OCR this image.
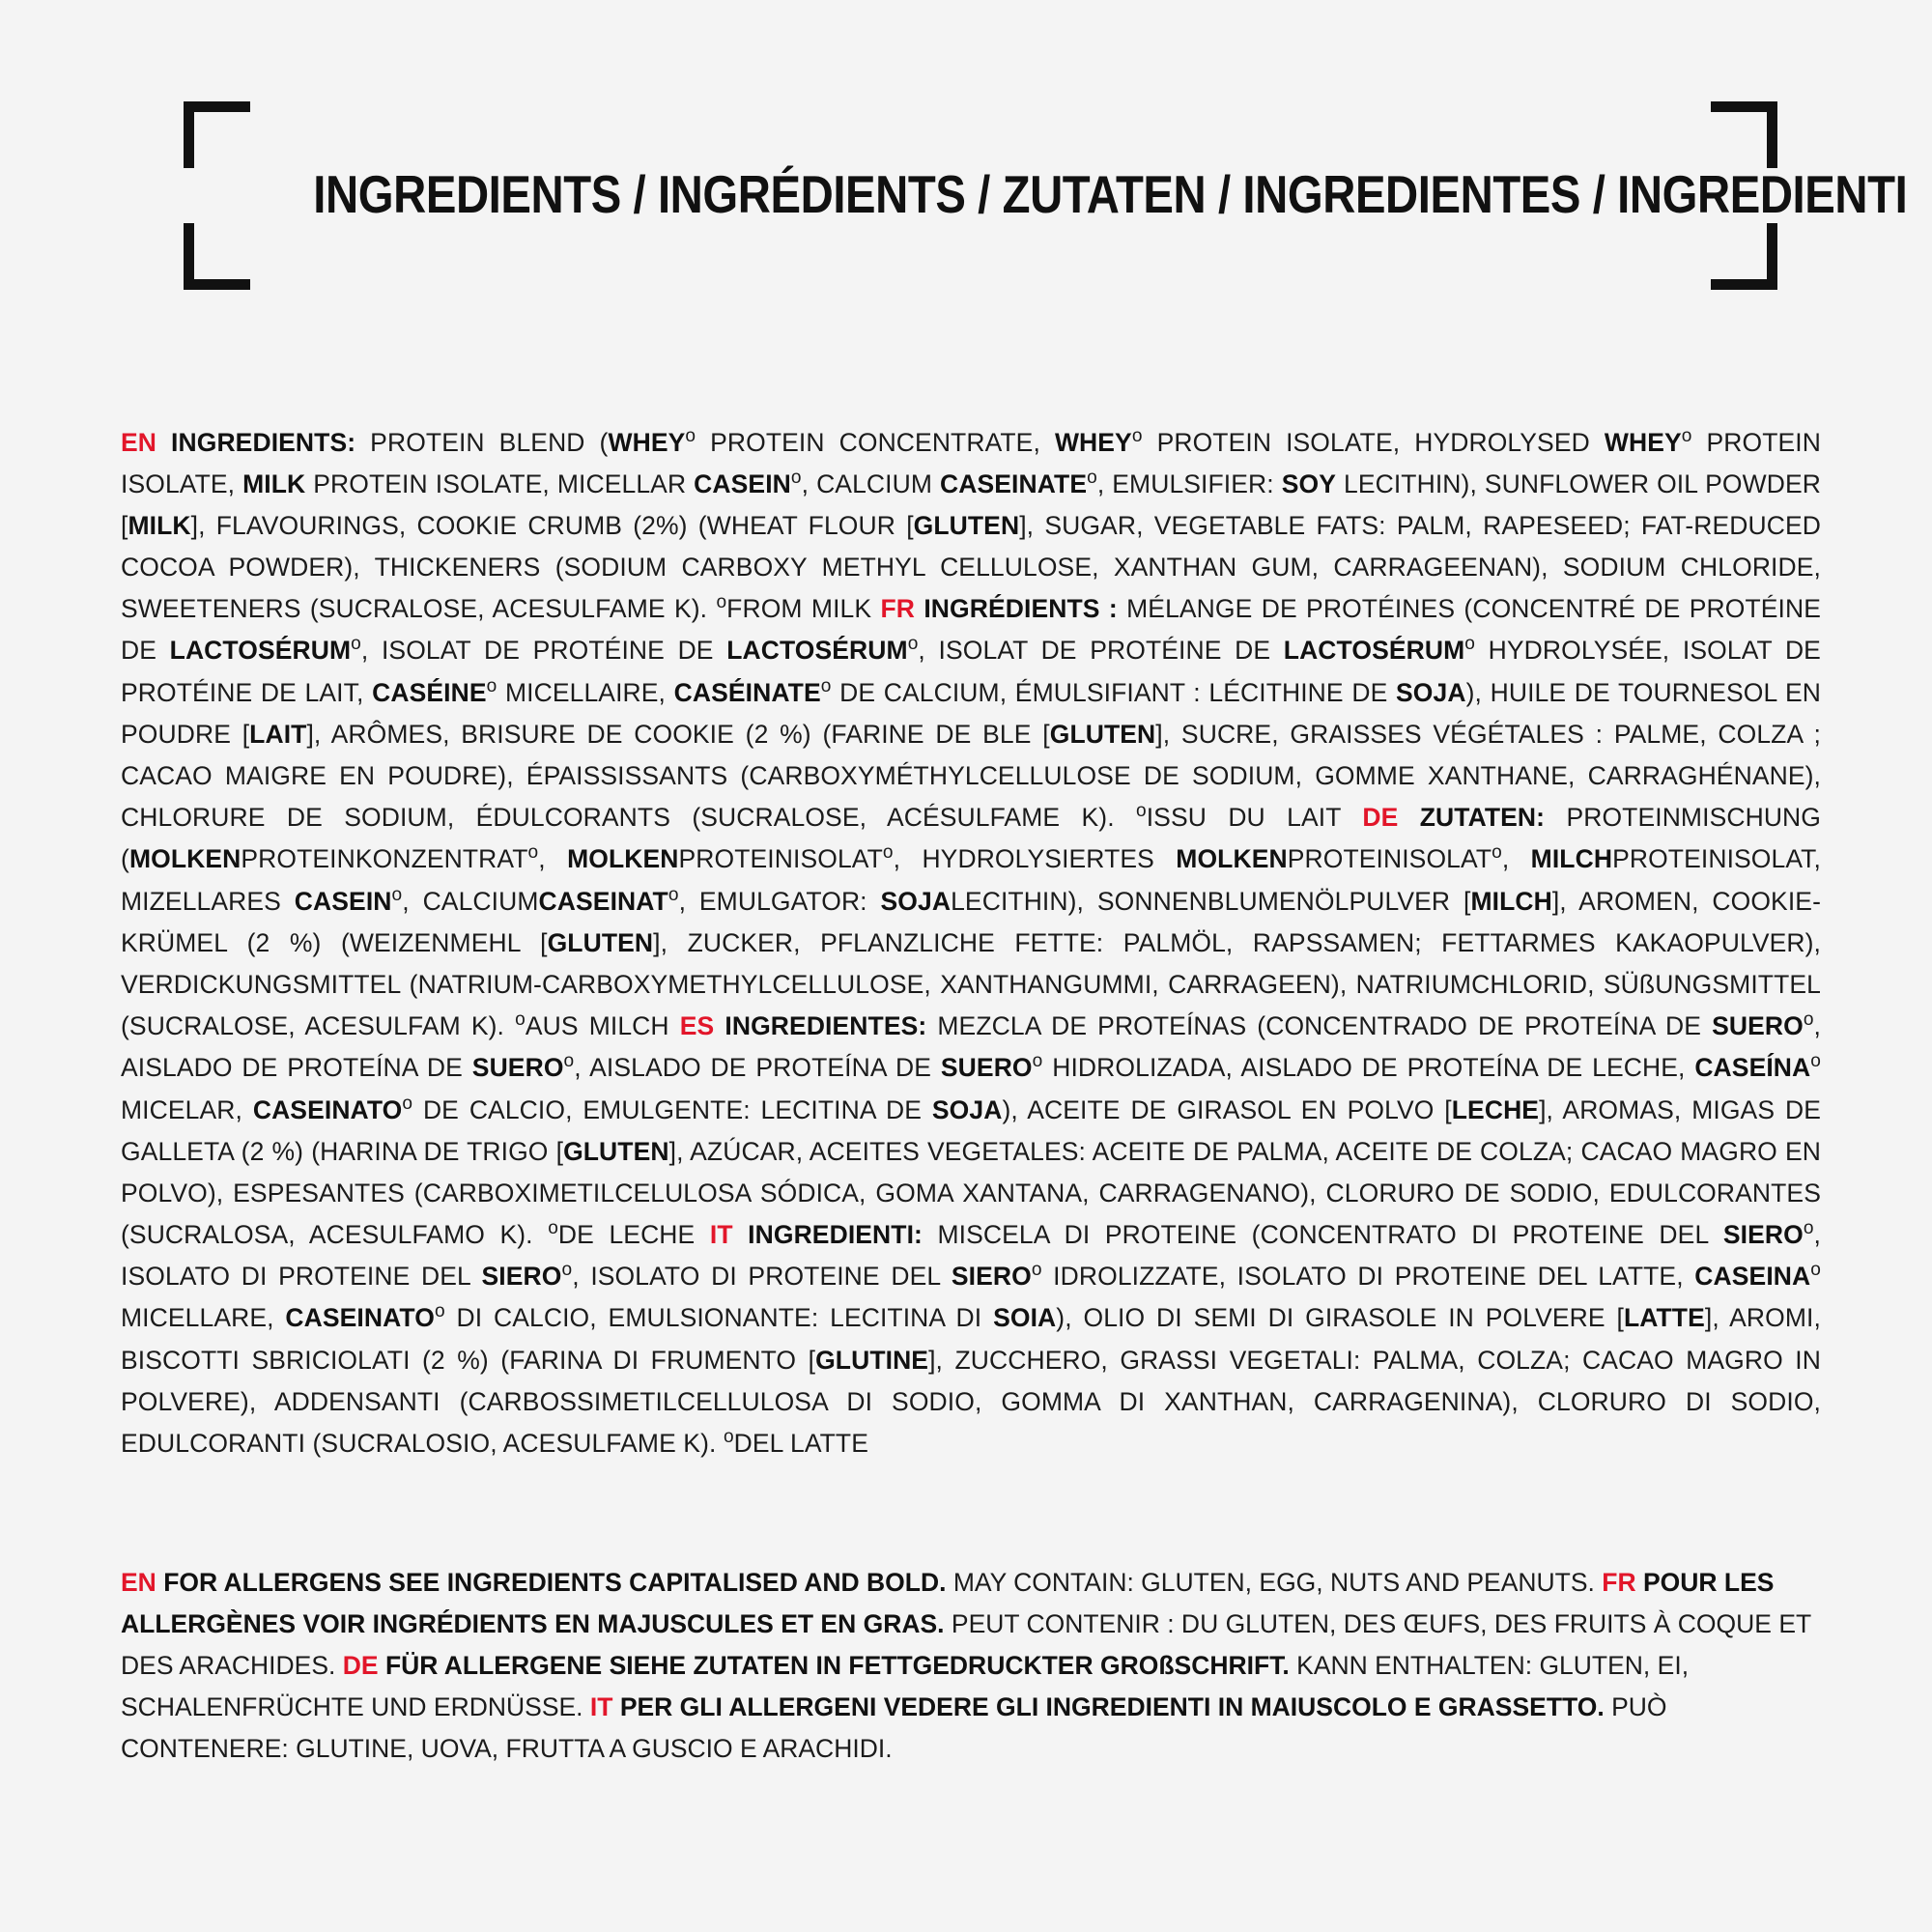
INGREDIENTS / INGRÉDIENTS / ZUTATEN / INGREDIENTES / INGREDIENTI

EN INGREDIENTS: PROTEIN BLEND (WHEY$^o$ PROTEIN CONCENTRATE, WHEY$^o$ PROTEIN ISOLATE, HYDROLYSED WHEY$^o$ PROTEIN ISOLATE, MILK PROTEIN ISOLATE, MICELLAR CASEIN$^o$, CALCIUM CASEINATE$^o$, EMULSIFIER: SOY LECITHIN), SUNFLOWER OIL POWDER [MILK], FLAVOURINGS, COOKIE CRUMB (2%) (WHEAT FLOUR [GLUTEN], SUGAR, VEGETABLE FATS: PALM, RAPESEED; FAT-REDUCED COCOA POWDER), THICKENERS (SODIUM CARBOXY METHYL CELLULOSE, XANTHAN GUM, CARRAGEENAN), SODIUM CHLORIDE, SWEETENERS (SUCRALOSE, ACESULFAME K). $^o$FROM MILK FR INGRÉDIENTS : MÉLANGE DE PROTÉINES (CONCENTRÉ DE PROTÉINE DE LACTOSÉRUM$^o$, ISOLAT DE PROTÉINE DE LACTOSÉRUM$^o$, ISOLAT DE PROTÉINE DE LACTOSÉRUM$^o$ HYDROLYSÉE, ISOLAT DE PROTÉINE DE LAIT, CASÉINE$^o$ MICELLAIRE, CASÉINATE$^o$ DE CALCIUM, ÉMULSIFIANT : LÉCITHINE DE SOJA), HUILE DE TOURNESOL EN POUDRE [LAIT], ARÔMES, BRISURE DE COOKIE (2 %) (FARINE DE BLE [GLUTEN], SUCRE, GRAISSES VÉGÉTALES : PALME, COLZA ; CACAO MAIGRE EN POUDRE), ÉPAISSISSANTS (CARBOXYMÉTHYLCELLULOSE DE SODIUM, GOMME XANTHANE, CARRAGHÉNANE), CHLORURE DE SODIUM, ÉDULCORANTS (SUCRALOSE, ACÉSULFAME K). $^o$ISSU DU LAIT DE ZUTATEN: PROTEINMISCHUNG (MOLKENPROTEINKONZENTRAT$^o$, MOLKENPROTEINISOLAT$^o$, HYDROLYSIERTES MOLKENPROTEINISOLAT$^o$, MILCHPROTEINISOLAT, MIZELLARES CASEIN$^o$, CALCIUMCASEINAT$^o$, EMULGATOR: SOJALECITHIN), SONNENBLUMENÖLPULVER [MILCH], AROMEN, COOKIE-KRÜMEL (2 %) (WEIZENMEHL [GLUTEN], ZUCKER, PFLANZLICHE FETTE: PALMÖL, RAPSSAMEN; FETTARMES KAKAOPULVER), VERDICKUNGSMITTEL (NATRIUM-CARBOXYMETHYLCELLULOSE, XANTHANGUMMI, CARRAGEEN), NATRIUMCHLORID, SÜßUNGSMITTEL (SUCRALOSE, ACESULFAM K). $^o$AUS MILCH ES INGREDIENTES: MEZCLA DE PROTEÍNAS (CONCENTRADO DE PROTEÍNA DE SUERO$^o$, AISLADO DE PROTEÍNA DE SUERO$^o$, AISLADO DE PROTEÍNA DE SUERO$^o$ HIDROLIZADA, AISLADO DE PROTEÍNA DE LECHE, CASEÍNA$^o$ MICELAR, CASEINATO$^o$ DE CALCIO, EMULGENTE: LECITINA DE SOJA), ACEITE DE GIRASOL EN POLVO [LECHE], AROMAS, MIGAS DE GALLETA (2 %) (HARINA DE TRIGO [GLUTEN], AZÚCAR, ACEITES VEGETALES: ACEITE DE PALMA, ACEITE DE COLZA; CACAO MAGRO EN POLVO), ESPESANTES (CARBOXIMETILCELULOSA SÓDICA, GOMA XANTANA, CARRAGENANO), CLORURO DE SODIO, EDULCORANTES (SUCRALOSA, ACESULFAMO K). $^o$DE LECHE IT INGREDIENTI: MISCELA DI PROTEINE (CONCENTRATO DI PROTEINE DEL SIERO$^o$, ISOLATO DI PROTEINE DEL SIERO$^o$, ISOLATO DI PROTEINE DEL SIERO$^o$ IDROLIZZATE, ISOLATO DI PROTEINE DEL LATTE, CASEINA$^o$ MICELLARE, CASEINATO$^o$ DI CALCIO, EMULSIONANTE: LECITINA DI SOIA), OLIO DI SEMI DI GIRASOLE IN POLVERE [LATTE], AROMI, BISCOTTI SBRICIOLATI (2 %) (FARINA DI FRUMENTO [GLUTINE], ZUCCHERO, GRASSI VEGETALI: PALMA, COLZA; CACAO MAGRO IN POLVERE), ADDENSANTI (CARBOSSIMETILCELLULOSA DI SODIO, GOMMA DI XANTHAN, CARRAGENINA), CLORURO DI SODIO, EDULCORANTI (SUCRALOSIO, ACESULFAME K). $^o$DEL LATTE

EN FOR ALLERGENS SEE INGREDIENTS CAPITALISED AND BOLD. MAY CONTAIN: GLUTEN, EGG, NUTS AND PEANUTS. FR POUR LES ALLERGÈNES VOIR INGRÉDIENTS EN MAJUSCULES ET EN GRAS. PEUT CONTENIR : DU GLUTEN, DES ŒUFS, DES FRUITS À COQUE ET DES ARACHIDES. DE FÜR ALLERGENE SIEHE ZUTATEN IN FETTGEDRUCKTER GROßSCHRIFT. KANN ENTHALTEN: GLUTEN, EI, SCHALENFRÜCHTE UND ERDNÜSSE. IT PER GLI ALLERGENI VEDERE GLI INGREDIENTI IN MAIUSCOLO E GRASSETTO. PUÒ CONTENERE: GLUTINE, UOVA, FRUTTA A GUSCIO E ARACHIDI.
